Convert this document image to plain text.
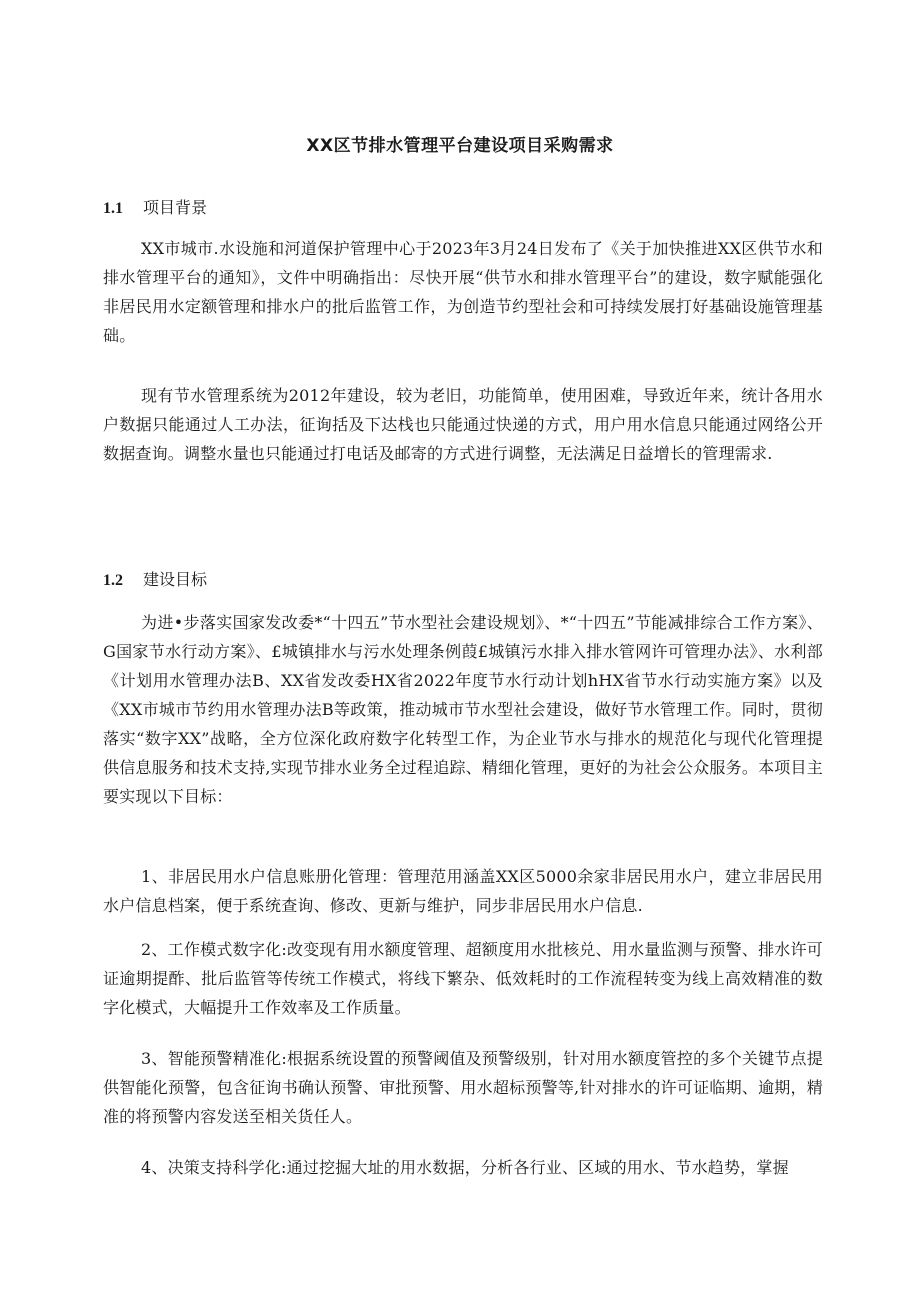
XX区节排水管理平台建设项目采购需求
1.1 项目背景
XX市城市.水设施和河道保护管理中心于2023年3月24日发布了《关于加快推进XX区供节水和排水管理平台的通知》，文件中明确指出：尽快开展“供节水和排水管理平台”的建设，数字赋能强化非居民用水定额管理和排水户的批后监管工作，为创造节约型社会和可持续发展打好基础设施管理基础。
现有节水管理系统为2012年建设，较为老旧，功能简单，使用困难，导致近年来，统计各用水户数据只能通过人工办法，征询括及下达栈也只能通过快递的方式，用户用水信息只能通过网络公开数据查询。调整水量也只能通过打电话及邮寄的方式进行调整，无法满足日益增长的管理需求.
1.2 建设目标
为进•步落实国家发改委*“十四五”节水型社会建设规划》、*“十四五”节能减排综合工作方案》、G国家节水行动方案》、£城镇排水与污水处理条例葭£城镇污水排入排水管网许可管理办法》、水利部《计划用水管理办法B、XX省发改委HX省2022年度节水行动计划hHX省节水行动实施方案》以及《XX市城市节约用水管理办法B等政策，推动城市节水型社会建设，做好节水管理工作。同时，贯彻落实“数字XX”战略，全方位深化政府数字化转型工作，为企业节水与排水的规范化与现代化管理提供信息服务和技术支持,实现节排水业务全过程追踪、精细化管理，更好的为社会公众服务。本项目主要实现以下目标：
1、非居民用水户信息账册化管理：管理范用涵盖XX区5000余家非居民用水户，建立非居民用水户信息档案，便于系统查询、修改、更新与维护，同步非居民用水户信息.
2、工作模式数字化:改变现有用水额度管理、超额度用水批核兑、用水量监测与预警、排水许可证逾期提酢、批后监管等传统工作模式，将线下繁杂、低效耗时的工作流程转变为线上高效精准的数字化模式，大幅提升工作效率及工作质量。
3、智能预警精准化:根据系统设置的预警阈值及预警级别，针对用水额度管控的多个关键节点提供智能化预警，包含征询书确认预警、审批预警、用水超标预警等,针对排水的许可证临期、逾期，精准的将预警内容发送至相关货任人。
4、决策支持科学化:通过挖掘大址的用水数据，分析各行业、区域的用水、节水趋势，掌握
